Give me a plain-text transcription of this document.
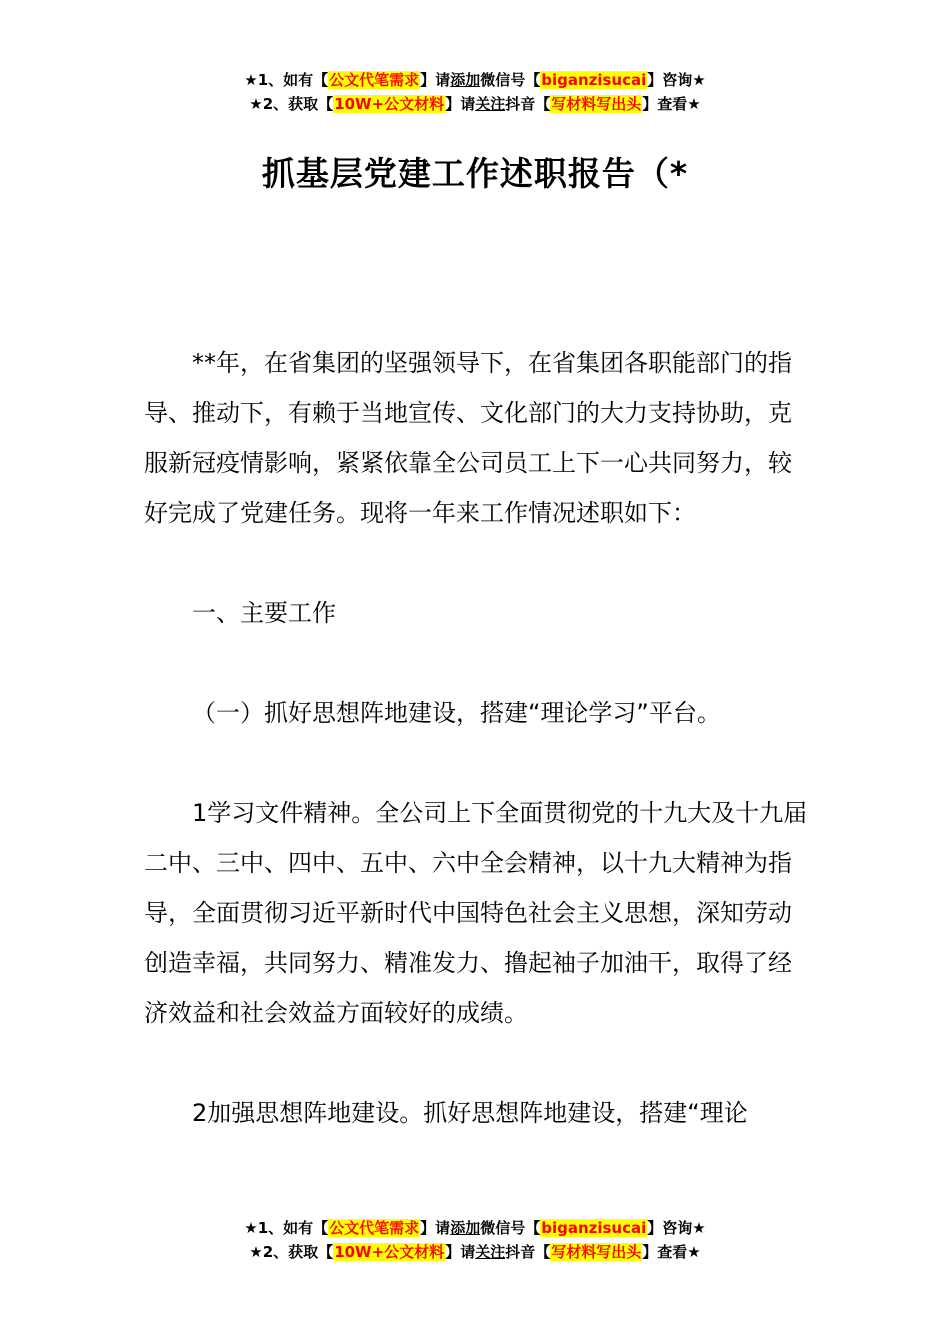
★1、如有【公文代笔需求】请添加微信号【biganzisucai】咨询★
★2、获取【10W+公文材料】请关注抖音【写材料写出头】查看★
抓基层党建工作述职报告（*

**年，在省集团的坚强领导下，在省集团各职能部门的指导、推动下，有赖于当地宣传、文化部门的大力支持协助，克服新冠疫情影响，紧紧依靠全公司员工上下一心共同努力，较好完成了党建任务。现将一年来工作情况述职如下：

一、主要工作

（一）抓好思想阵地建设，搭建“理论学习”平台。

1学习文件精神。全公司上下全面贯彻党的十九大及十九届二中、三中、四中、五中、六中全会精神，以十九大精神为指导，全面贯彻习近平新时代中国特色社会主义思想，深知劳动创造幸福，共同努力、精准发力、撸起袖子加油干，取得了经济效益和社会效益方面较好的成绩。

2加强思想阵地建设。抓好思想阵地建设，搭建“理论

★1、如有【公文代笔需求】请添加微信号【biganzisucai】咨询★
★2、获取【10W+公文材料】请关注抖音【写材料写出头】查看★
